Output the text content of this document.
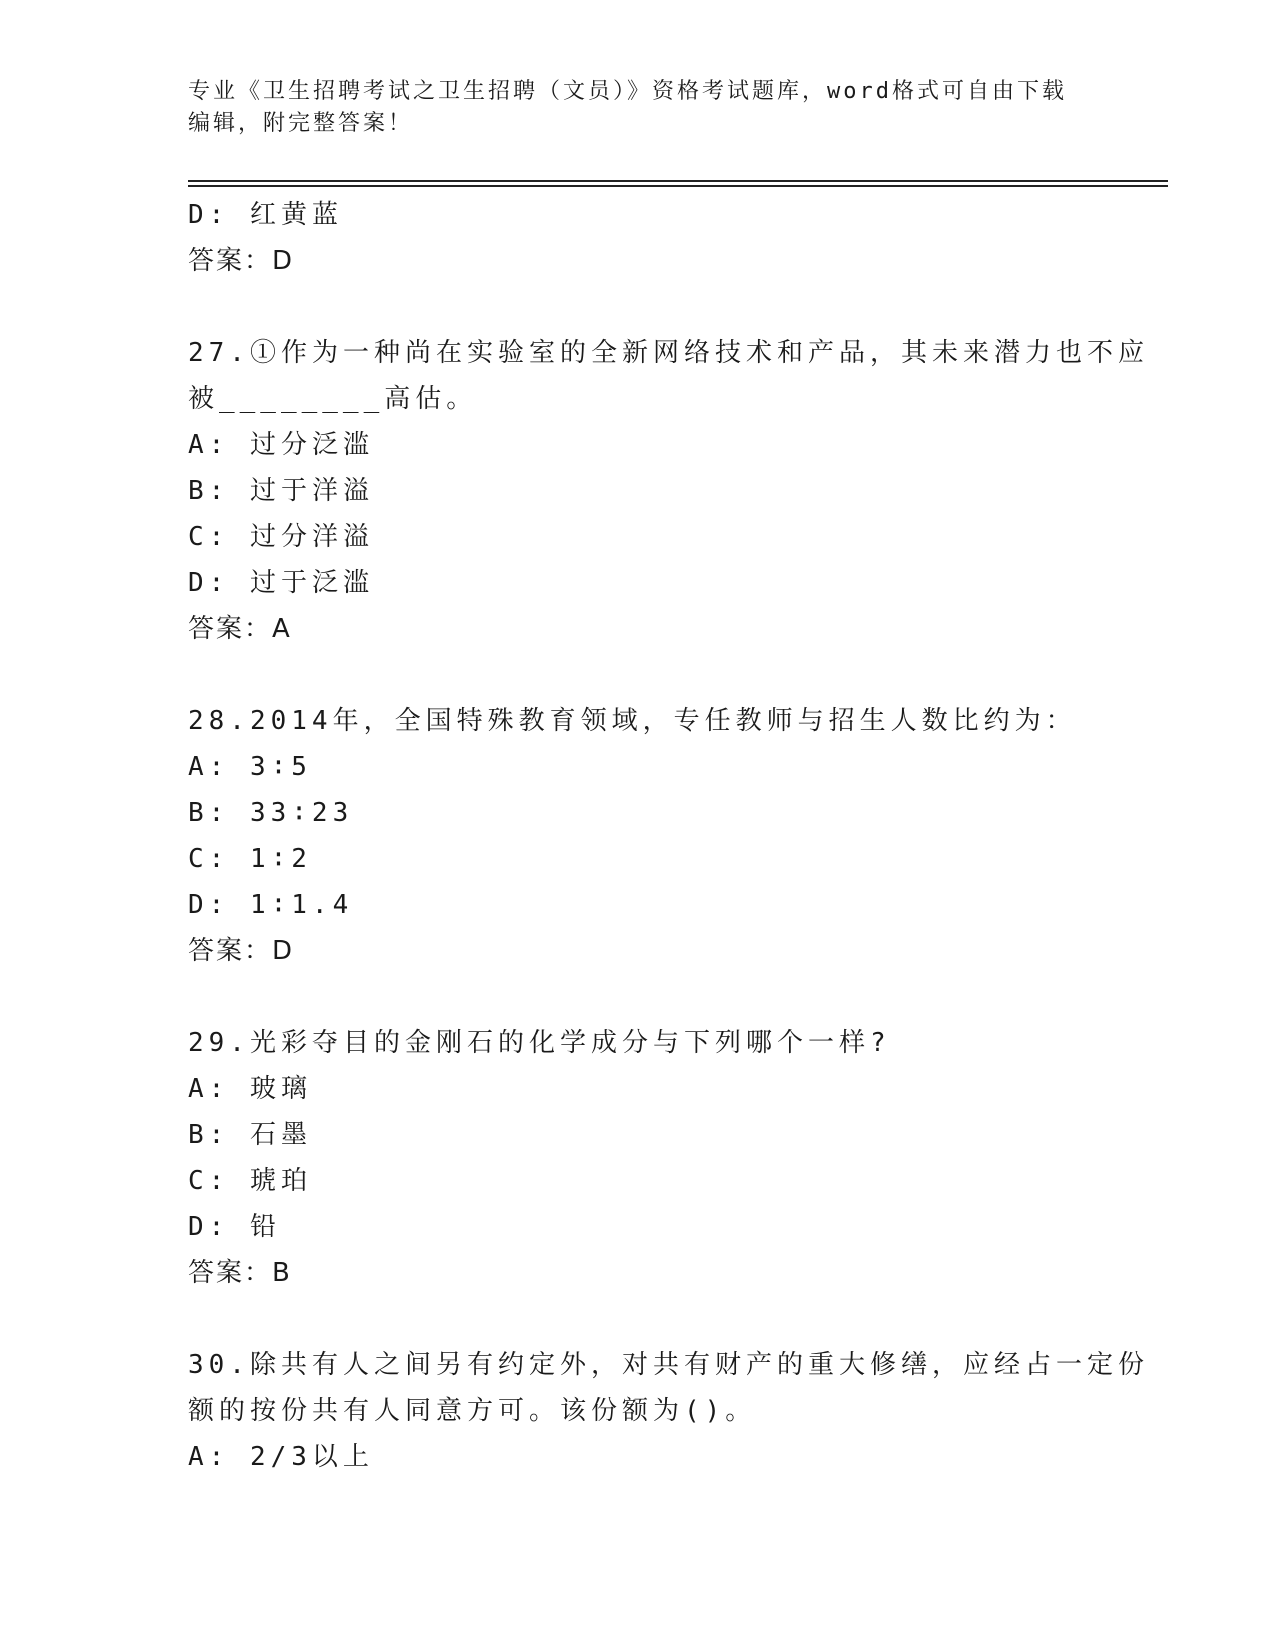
专业《卫生招聘考试之卫生招聘（文员）》资格考试题库，word格式可自由下载
编辑，附完整答案！
D: 红黄蓝
答案：D
27.①作为一种尚在实验室的全新网络技术和产品，其未来潜力也不应
被________高估。
A: 过分泛滥
B: 过于洋溢
C: 过分洋溢
D: 过于泛滥
答案：A
28.2014年，全国特殊教育领域，专任教师与招生人数比约为：
A: 3∶5
B: 33∶23
C: 1∶2
D: 1∶1.4
答案：D
29.光彩夺目的金刚石的化学成分与下列哪个一样?
A: 玻璃
B: 石墨
C: 琥珀
D: 铅
答案：B
30.除共有人之间另有约定外，对共有财产的重大修缮，应经占一定份
额的按份共有人同意方可。该份额为()。
A: 2/3以上
